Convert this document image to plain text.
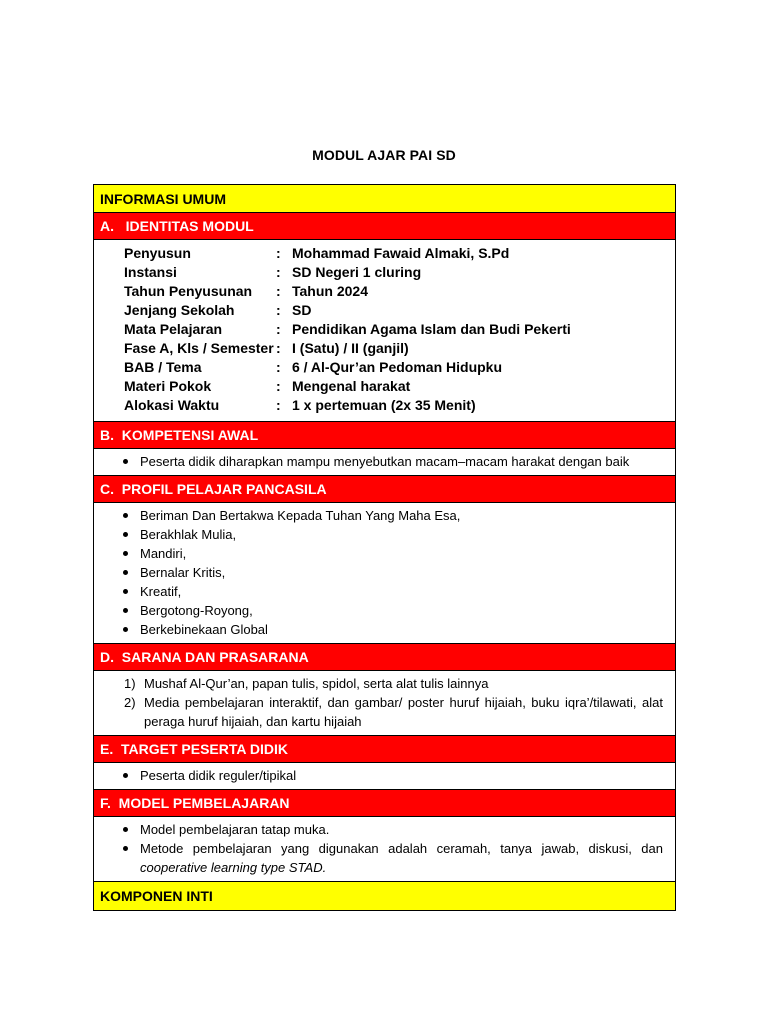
MODUL AJAR PAI SD
INFORMASI UMUM
A. IDENTITAS MODUL
Penyusun	: Mohammad Fawaid Almaki, S.Pd
Instansi	: SD Negeri 1 cluring
Tahun Penyusunan	: Tahun 2024
Jenjang Sekolah	: SD
Mata Pelajaran	: Pendidikan Agama Islam dan Budi Pekerti
Fase A, Kls / Semester : I (Satu) / II (ganjil)
BAB / Tema	: 6 / Al-Qur’an Pedoman Hidupku
Materi Pokok	: Mengenal harakat
Alokasi Waktu	: 1 x pertemuan (2x 35 Menit)
B. KOMPETENSI AWAL
Peserta didik diharapkan mampu menyebutkan macam–macam harakat dengan baik
C. PROFIL PELAJAR PANCASILA
Beriman Dan Bertakwa Kepada Tuhan Yang Maha Esa,
Berakhlak Mulia,
Mandiri,
Bernalar Kritis,
Kreatif,
Bergotong-Royong,
Berkebinekaan Global
D. SARANA DAN PRASARANA
1) Mushaf Al-Qur’an, papan tulis, spidol, serta alat tulis lainnya
2) Media pembelajaran interaktif, dan gambar/ poster huruf hijaiah, buku iqra’/tilawati, alat peraga huruf hijaiah, dan kartu hijaiah
E. TARGET PESERTA DIDIK
Peserta didik reguler/tipikal
F. MODEL PEMBELAJARAN
Model pembelajaran tatap muka.
Metode pembelajaran yang digunakan adalah ceramah, tanya jawab, diskusi, dan cooperative learning type STAD.
KOMPONEN INTI
